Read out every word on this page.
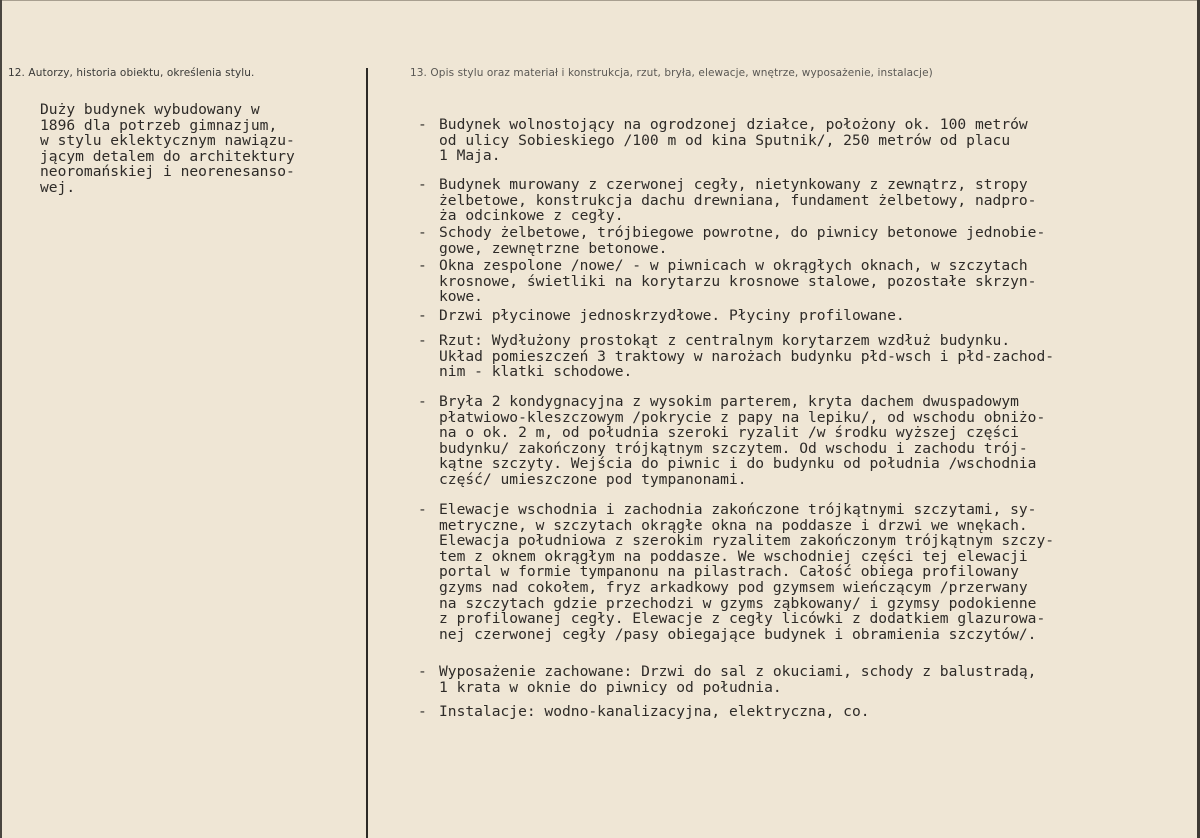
12. Autorzy, historia obiektu, określenia stylu.	13. Opis stylu oraz materiał i konstrukcja, rzut, bryła, elewacje, wnętrze, wyposażenie, instalacje)
Duży budynek wybudowany w
1896 dla potrzeb gimnazjum,
w stylu eklektycznym nawiązu-
jącym detalem do architektury
neoromańskiej i neorenesanso-
wej.
- Budynek wolnostojący na ogrodzonej działce, położony ok. 100 metrów
od ulicy Sobieskiego /100 m od kina Sputnik/, 250 metrów od placu
1 Maja.
- Budynek murowany z czerwonej cegły, nietynkowany z zewnątrz, stropy
żelbetowe, konstrukcja dachu drewniana, fundament żelbetowy, nadpro-
ża odcinkowe z cegły.
- Schody żelbetowe, trójbiegowe powrotne, do piwnicy betonowe jednobie-
gowe, zewnętrzne betonowe.
- Okna zespolone /nowe/ - w piwnicach w okrągłych oknach, w szczytach
krosnowe, świetliki na korytarzu krosnowe stalowe, pozostałe skrzyn-
kowe.
- Drzwi płycinowe jednoskrzydłowe. Płyciny profilowane.
- Rzut: Wydłużony prostokąt z centralnym korytarzem wzdłuż budynku.
Układ pomieszczeń 3 traktowy w narożach budynku płd-wsch i płd-zachod-
nim - klatki schodowe.
- Bryła 2 kondygnacyjna z wysokim parterem, kryta dachem dwuspadowym
płatwiowo-kleszczowym /pokrycie z papy na lepiku/, od wschodu obniżo-
na o ok. 2 m, od południa szeroki ryzalit /w środku wyższej części
budynku/ zakończony trójkątnym szczytem. Od wschodu i zachodu trój-
kątne szczyty. Wejścia do piwnic i do budynku od południa /wschodnia
część/ umieszczone pod tympanonami.
- Elewacje wschodnia i zachodnia zakończone trójkątnymi szczytami, sy-
metryczne, w szczytach okrągłe okna na poddasze i drzwi we wnękach.
Elewacja południowa z szerokim ryzalitem zakończonym trójkątnym szczy-
tem z oknem okrągłym na poddasze. We wschodniej części tej elewacji
portal w formie tympanonu na pilastrach. Całość obiega profilowany
gzyms nad cokołem, fryz arkadkowy pod gzymsem wieńczącym /przerwany
na szczytach gdzie przechodzi w gzyms ząbkowany/ i gzymsy podokienne
z profilowanej cegły. Elewacje z cegły licówki z dodatkiem glazurowa-
nej czerwonej cegły /pasy obiegające budynek i obramienia szczytów/.
- Wyposażenie zachowane: Drzwi do sal z okuciami, schody z balustradą,
1 krata w oknie do piwnicy od południa.
- Instalacje: wodno-kanalizacyjna, elektryczna, co.
